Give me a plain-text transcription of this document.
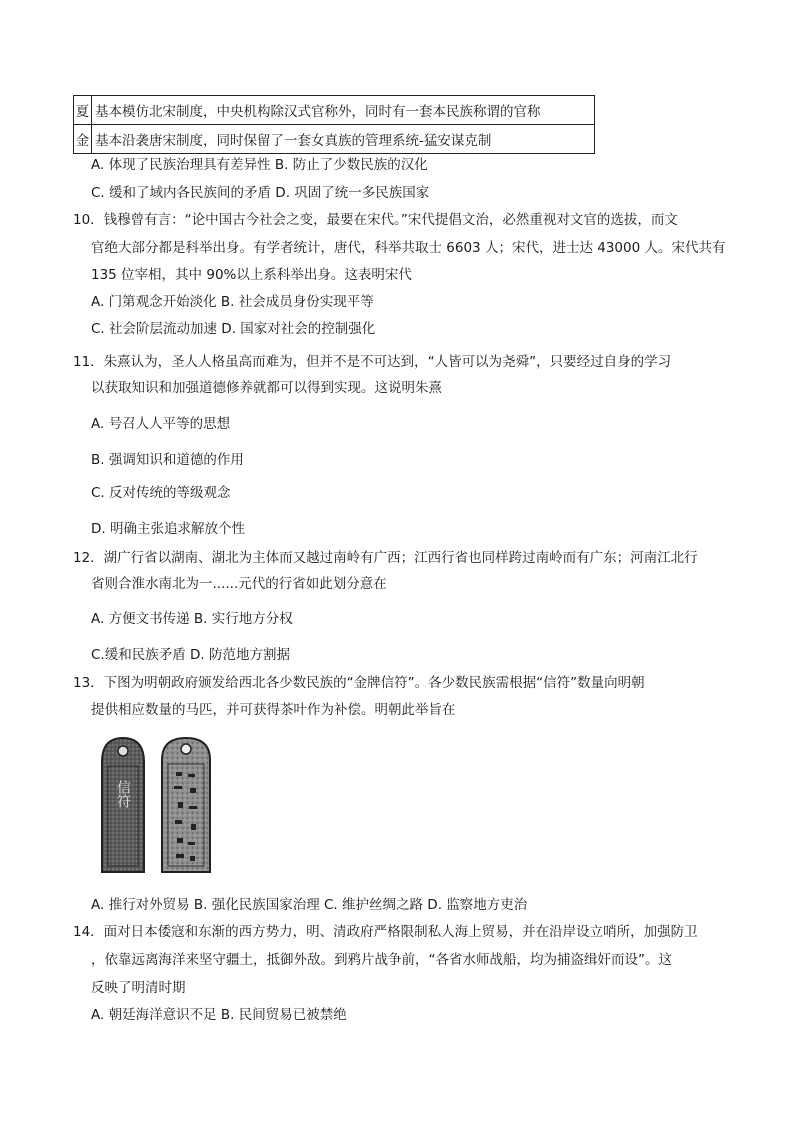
夏	基本模仿北宋制度，中央机构除汉式官称外，同时有一套本民族称谓的官称
金	基本沿袭唐宋制度，同时保留了一套女真族的管理系统-猛安谋克制
A. 体现了民族治理具有差异性 B. 防止了少数民族的汉化
C. 缓和了域内各民族间的矛盾 D. 巩固了统一多民族国家
10．钱穆曾有言：“论中国古今社会之变，最要在宋代。”宋代提倡文治，必然重视对文官的选拔，而文
官绝大部分都是科举出身。有学者统计，唐代，科举共取士 6603 人；宋代，进士达 43000 人。宋代共有
135 位宰相，其中 90%以上系科举出身。这表明宋代
A. 门第观念开始淡化 B. 社会成员身份实现平等
C. 社会阶层流动加速 D. 国家对社会的控制强化
11．朱熹认为，圣人人格虽高而难为，但并不是不可达到，“人皆可以为尧舜”，只要经过自身的学习
以获取知识和加强道德修养就都可以得到实现。这说明朱熹
A. 号召人人平等的思想
B. 强调知识和道德的作用
C. 反对传统的等级观念
D. 明确主张追求解放个性
12．湖广行省以湖南、湖北为主体而又越过南岭有广西；江西行省也同样跨过南岭而有广东；河南江北行
省则合淮水南北为一......元代的行省如此划分意在
A. 方便文书传递 B. 实行地方分权
C.缓和民族矛盾 D. 防范地方割据
13．下图为明朝政府颁发给西北各少数民族的“金牌信符”。各少数民族需根据“信符”数量向明朝
提供相应数量的马匹，并可获得茶叶作为补偿。明朝此举旨在
信符
A. 推行对外贸易 B. 强化民族国家治理 C. 维护丝绸之路 D. 监察地方吏治
14．面对日本倭寇和东渐的西方势力，明、清政府严格限制私人海上贸易，并在沿岸设立哨所，加强防卫
，依靠远离海洋来坚守疆土，抵御外敌。到鸦片战争前，“各省水师战船，均为捕盗缉奸而设”。这
反映了明清时期
A. 朝廷海洋意识不足 B. 民间贸易已被禁绝
